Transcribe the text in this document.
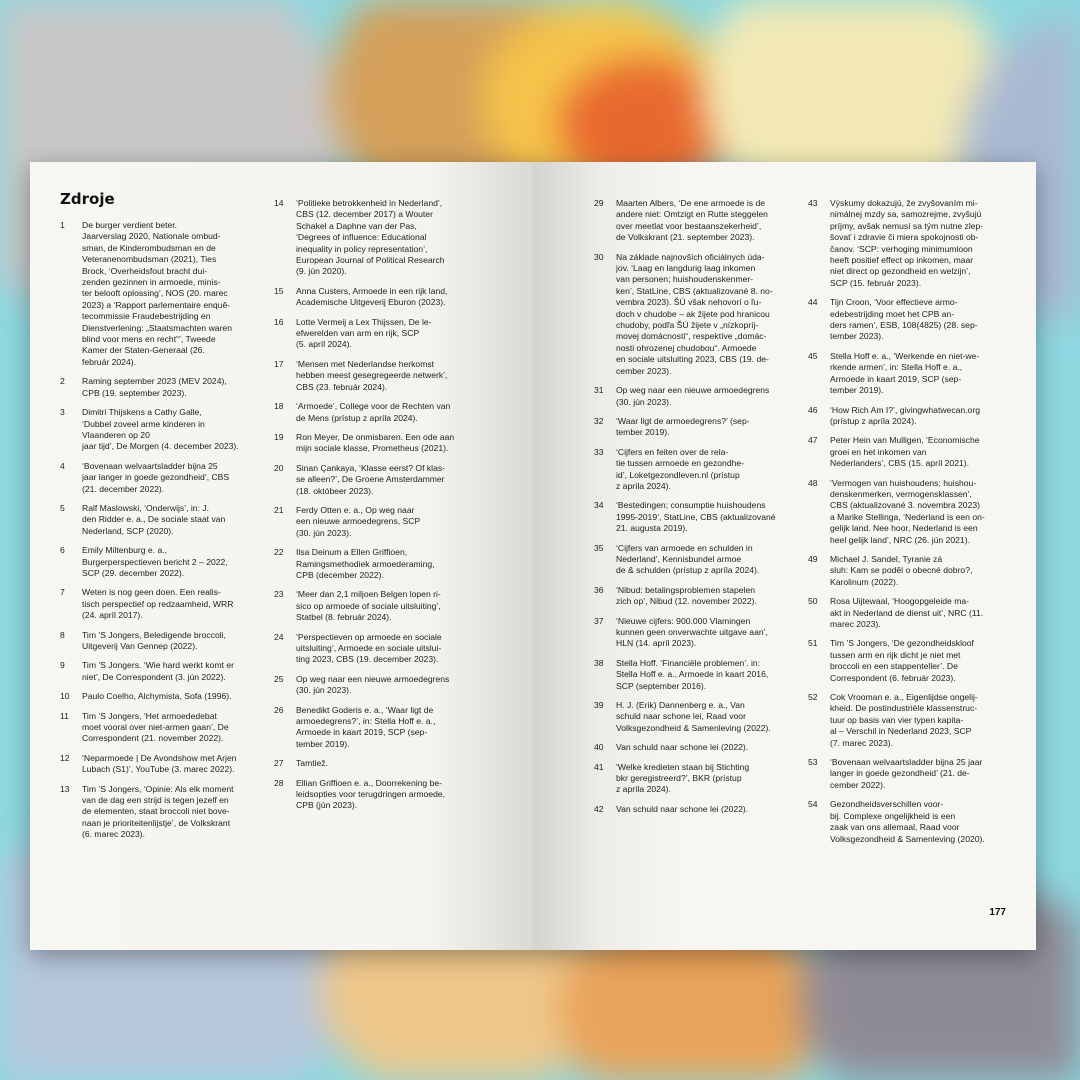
Zdroje
1	De burger verdient beter.
Jaarverslag 2020, Nationale ombud-
sman, de Kinderombudsman en de
Veteranenombudsman (2021), Ties
Brock, ‘Overheidsfout bracht dui-
zenden gezinnen in armoede, minis-
ter belooft oplossing’, NOS (20. marec
2023) a ‘Rapport parlementaire enquê-
tecommissie Fraudebestrijding en
Dienstverlening: „Staatsmachten waren
blind voor mens en recht“’, Tweede
Kamer der Staten-Generaal (26.
február 2024).
2	Raming september 2023 (MEV 2024),
CPB (19. september 2023).
3	Dimitri Thijskens a Cathy Galle,
‘Dubbel zoveel arme kinderen in
Vlaanderen op 20
jaar tijd’, De Morgen (4. december 2023).
4	‘Bovenaan welvaartsladder bijna 25
jaar langer in goede gezondheid’, CBS
(21. december 2022).
5	Ralf Maslowski, ‘Onderwijs’, in: J.
den Ridder e. a., De sociale staat van
Nederland, SCP (2020).
6	Emily Miltenburg e. a.,
Burgerperspectieven bericht 2 – 2022,
SCP (29. december 2022).
7	Weten is nog geen doen. Een realis-
tisch perspectief op redzaamheid, WRR
(24. apríl 2017).
8	Tim ’S Jongers, Beledigende broccoli,
Uitgeverij Van Gennep (2022).
9	Tim ’S Jongers. ‘Wie hard werkt komt er
niet’, De Correspondent (3. jún 2022).
10	Paulo Coelho, Alchymista, Sofa (1996).
11	Tim ’S Jongers, ‘Het armoededebat
moet vooral over niet-armen gaan’, De
Correspondent (21. november 2022).
12	‘Neparmoede | De Avondshow met Arjen
Lubach (S1)’, YouTube (3. marec 2022).
13	Tim ’S Jongers, ‘Opinie: Als elk moment
van de dag een strijd is tegen jezelf en
de elementen, staat broccoli niet bove-
naan je prioriteitenlijstje’, de Volkskrant
(6. marec 2023).
14	‘Politieke betrokkenheid in Nederland’,
CBS (12. december 2017) a Wouter
Schakel a Daphne van der Pas,
‘Degrees of influence: Educational
inequality in policy representation’,
European Journal of Political Research
(9. jún 2020).
15	Anna Custers, Armoede in een rijk land,
Academische Uitgeverij Eburon (2023).
16	Lotte Vermeij a Lex Thijssen, De le-
efwerelden van arm en rijk, SCP
(5. apríl 2024).
17	‘Mensen met Nederlandse herkomst
hebben meest gesegregeerde netwerk’,
CBS (23. február 2024).
18	‘Armoede’, College voor de Rechten van
de Mens (prístup z apríla 2024).
19	Ron Meyer, De onmisbaren. Een ode aan
mijn sociale klasse, Prometheus (2021).
20	Sinan Çankaya, ‘Klasse eerst? Of klas-
se alleen?’, De Groene Amsterdammer
(18. októbeer 2023).
21	Ferdy Otten e. a., Op weg naar
een nieuwe armoedegrens, SCP
(30. jún 2023).
22	Ilsa Deinum a Ellen Griffioen,
Ramingsmethodiek armoederaming,
CPB (december 2022).
23	‘Meer dan 2,1 miljoen Belgen lopen ri-
sico op armoede of sociale uitsluiting’,
Statbel (8. február 2024).
24	‘Perspectieven op armoede en sociale
uitsluiting’, Armoede en sociale uitslui-
ting 2023, CBS (19. december 2023).
25	Op weg naar een nieuwe armoedegrens
(30. jún 2023).
26	Benedikt Goderis e. a., ‘Waar ligt de
armoedegrens?’, in: Stella Hoff e. a.,
Armoede in kaart 2019, SCP (sep-
tember 2019).
27	Tamtiež.
28	Ellian Griffioen e. a., Doorrekening be-
leidsopties voor terugdringen armoede,
CPB (jún 2023).
29	Maarten Albers, ‘De ene armoede is de
andere niet: Omtzigt en Rutte steggelen
over meetlat voor bestaanszekerheid’,
de Volkskrant (21. september 2023).
30	Na základe najnovších oficiálnych úda-
jov. ‘Laag en langdurig laag inkomen
van personen; huishoudenskenmer-
ken’, StatLine, CBS (aktualizované 8. no-
vembra 2023). ŠÚ však nehovorí o ľu-
doch v chudobe – ak žijete pod hranicou
chudoby, podľa ŠÚ žijete v „nízkopríj-
movej domácnosti“, respektíve „domác-
nosti ohrozenej chudobou“. Armoede
en sociale uitsluiting 2023, CBS (19. de-
cember 2023).
31	Op weg naar een nieuwe armoedegrens
(30. jún 2023).
32	‘Waar ligt de armoedegrens?’ (sep-
tember 2019).
33	‘Cijfers en feiten over de rela-
tie tussen armoede en gezondhe-
id’, Loketgezondleven.nl (prístup
z apríla 2024).
34	‘Bestedingen; consumptie huishoudens
1995-2019’, StatLine, CBS (aktualizované
21. augusta 2019).
35	‘Cijfers van armoede en schulden in
Nederland’, Kennisbundel armoe
de & schulden (prístup z apríla 2024).
36	‘Nibud: betalingsproblemen stapelen
zich op’, Nibud (12. november 2022).
37	‘Nieuwe cijfers: 900.000 Vlamingen
kunnen geen onverwachte uitgave aan’,
HLN (14. apríl 2023).
38	Stella Hoff. ‘Financiële problemen’. in:
Stella Hoff e. a., Armoede in kaart 2016,
SCP (september 2016).
39	H. J. (Erik) Dannenberg e. a., Van
schuld naar schone lei, Raad voor
Volksgezondheid & Samenleving (2022).
40	Van schuld naar schone lei (2022).
41	‘Welke kredieten staan bij Stichting
bkr geregistreerd?’, BKR (prístup
z apríla 2024).
42	Van schuld naar schone lei (2022).
43	Výskumy dokazujú, že zvyšovaním mi-
nimálnej mzdy sa, samozrejme, zvyšujú
príjmy, avšak nemusí sa tým nutne zlep-
šovať i zdravie či miera spokojnosti ob-
čanov. ‘SCP: verhoging minimumloon
heeft positief effect op inkomen, maar
niet direct op gezondheid en welzijn’,
SCP (15. február 2023).
44	Tijn Croon, ‘Voor effectieve armo-
edebestrijding moet het CPB an-
ders ramen’, ESB, 108(4825) (28. sep-
tember 2023).
45	Stella Hoff e. a., ‘Werkende en niet-we-
rkende armen’, in: Stella Hoff e. a.,
Armoede in kaart 2019, SCP (sep-
tember 2019).
46	‘How Rich Am I?’, givingwhatwecan.org
(prístup z apríla 2024).
47	Peter Hein van Mulligen, ‘Economische
groei en het inkomen van
Nederlanders’, CBS (15. apríl 2021).
48	‘Vermogen van huishoudens; huishou-
denskenmerken, vermogensklassen’,
CBS (aktualizované 3. novembra 2023)
a Marike Stellinga, ‘Nederland is een on-
gelijk land. Nee hoor, Nederland is een
heel gelijk land’, NRC (26. jún 2021).
49	Michael J. Sandel, Tyranie zá
sluh: Kam se poděl o obecné dobro?,
Karolinum (2022).
50	Rosa Uijtewaal, ‘Hoogopgeleide ma-
akt in Nederland de dienst uit’, NRC (11.
marec 2023).
51	Tim ’S Jongers, ‘De gezondheidskloof
tussen arm en rijk dicht je niet met
broccoli en een stappenteller’. De
Correspondent (6. február 2023).
52	Cok Vrooman e. a., Eigenlijdse ongelij-
kheid. De postindustriële klassenstruc-
tuur op basis van vier typen kapita-
al – Verschil in Nederland 2023, SCP
(7. marec 2023).
53	‘Bovenaan welvaartsladder bijna 25 jaar
langer in goede gezondheid’ (21. de-
cember 2022).
54	Gezondheidsverschillen voor-
bij. Complexe ongelijkheid is een
zaak van ons allemaal, Raad voor
Volksgezondheid & Samenleving (2020).
177
